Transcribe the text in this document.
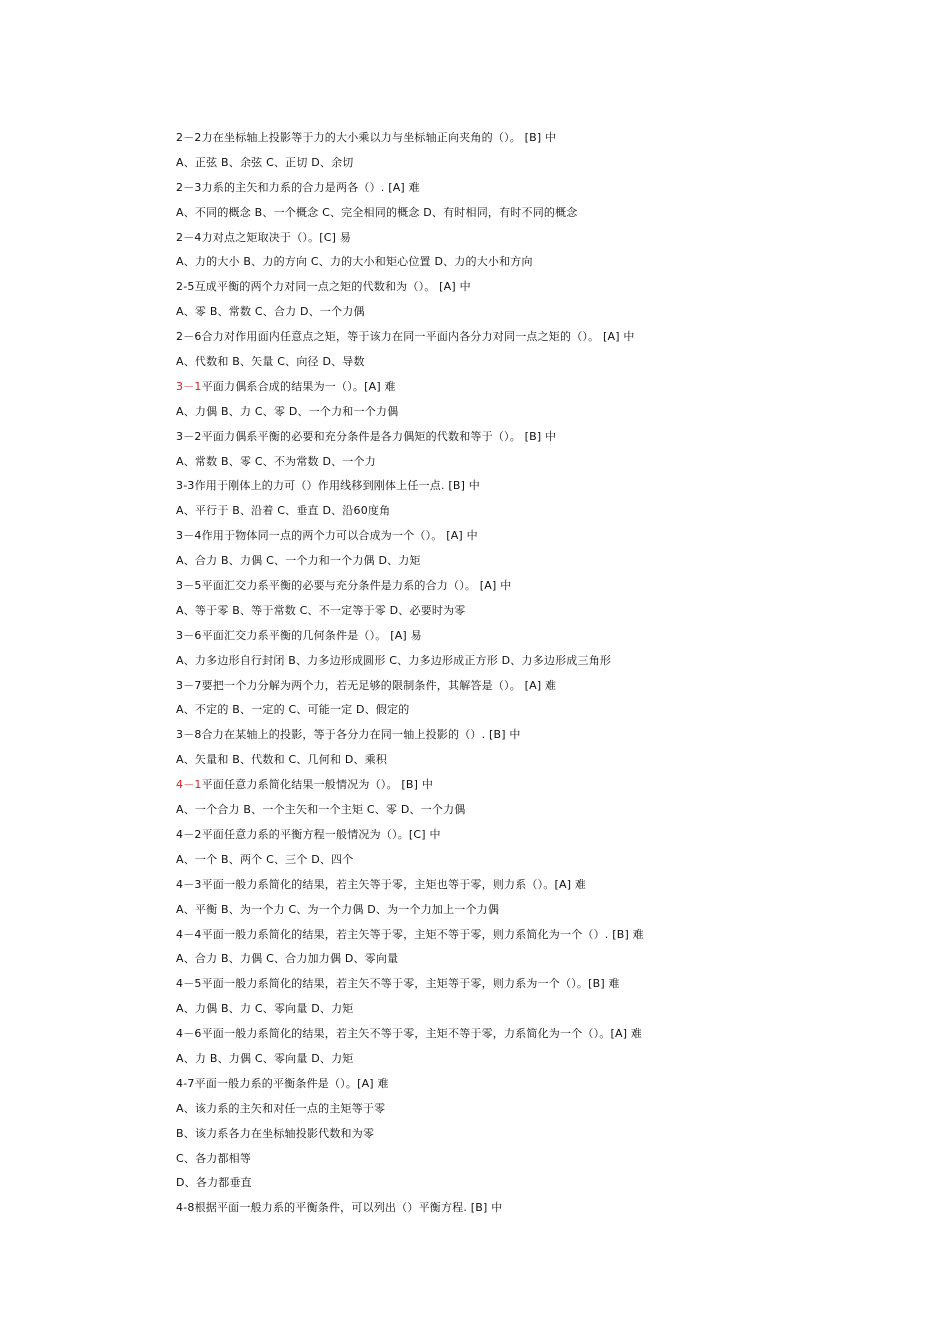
2－2力在坐标轴上投影等于力的大小乘以力与坐标轴正向夹角的（）。 [B] 中
A、正弦 B、余弦 C、正切 D、余切
2－3力系的主矢和力系的合力是两各（）. [A] 难
A、不同的概念 B、一个概念 C、完全相同的概念 D、有时相同，有时不同的概念
2－4力对点之矩取决于（）。[C] 易
A、力的大小 B、力的方向 C、力的大小和矩心位置 D、力的大小和方向
2-5互成平衡的两个力对同一点之矩的代数和为（）。 [A] 中
A、零 B、常数 C、合力 D、一个力偶
2－6合力对作用面内任意点之矩，等于该力在同一平面内各分力对同一点之矩的（）。 [A] 中
A、代数和 B、矢量 C、向径 D、导数
3－1平面力偶系合成的结果为一（）。[A] 难
A、力偶 B、力 C、零 D、一个力和一个力偶
3－2平面力偶系平衡的必要和充分条件是各力偶矩的代数和等于（）。 [B] 中
A、常数 B、零 C、不为常数 D、一个力
3-3作用于刚体上的力可（）作用线移到刚体上任一点. [B] 中
A、平行于 B、沿着 C、垂直 D、沿60度角
3－4作用于物体同一点的两个力可以合成为一个（）。 [A] 中
A、合力 B、力偶 C、一个力和一个力偶 D、力矩
3－5平面汇交力系平衡的必要与充分条件是力系的合力（）。 [A] 中
A、等于零 B、等于常数 C、不一定等于零 D、必要时为零
3－6平面汇交力系平衡的几何条件是（）。 [A] 易
A、力多边形自行封闭 B、力多边形成圆形 C、力多边形成正方形 D、力多边形成三角形
3－7要把一个力分解为两个力，若无足够的限制条件，其解答是（）。 [A] 难
A、不定的 B、一定的 C、可能一定 D、假定的
3－8合力在某轴上的投影，等于各分力在同一轴上投影的（）. [B] 中
A、矢量和 B、代数和 C、几何和 D、乘积
4－1平面任意力系简化结果一般情况为（）。 [B] 中
A、一个合力 B、一个主矢和一个主矩 C、零 D、一个力偶
4－2平面任意力系的平衡方程一般情况为（）。[C] 中
A、一个 B、两个 C、三个 D、四个
4－3平面一般力系简化的结果，若主矢等于零，主矩也等于零，则力系（）。[A] 难
A、平衡 B、为一个力 C、为一个力偶 D、为一个力加上一个力偶
4－4平面一般力系简化的结果，若主矢等于零，主矩不等于零，则力系简化为一个（）. [B] 难
A、合力 B、力偶 C、合力加力偶 D、零向量
4－5平面一般力系简化的结果，若主矢不等于零，主矩等于零，则力系为一个（）。[B] 难
A、力偶 B、力 C、零向量 D、力矩
4－6平面一般力系简化的结果，若主矢不等于零，主矩不等于零，力系简化为一个（）。[A] 难
A、力 B、力偶 C、零向量 D、力矩
4-7平面一般力系的平衡条件是（）。[A] 难
A、该力系的主矢和对任一点的主矩等于零
B、该力系各力在坐标轴投影代数和为零
C、各力都相等
D、各力都垂直
4-8根据平面一般力系的平衡条件，可以列出（）平衡方程. [B] 中
